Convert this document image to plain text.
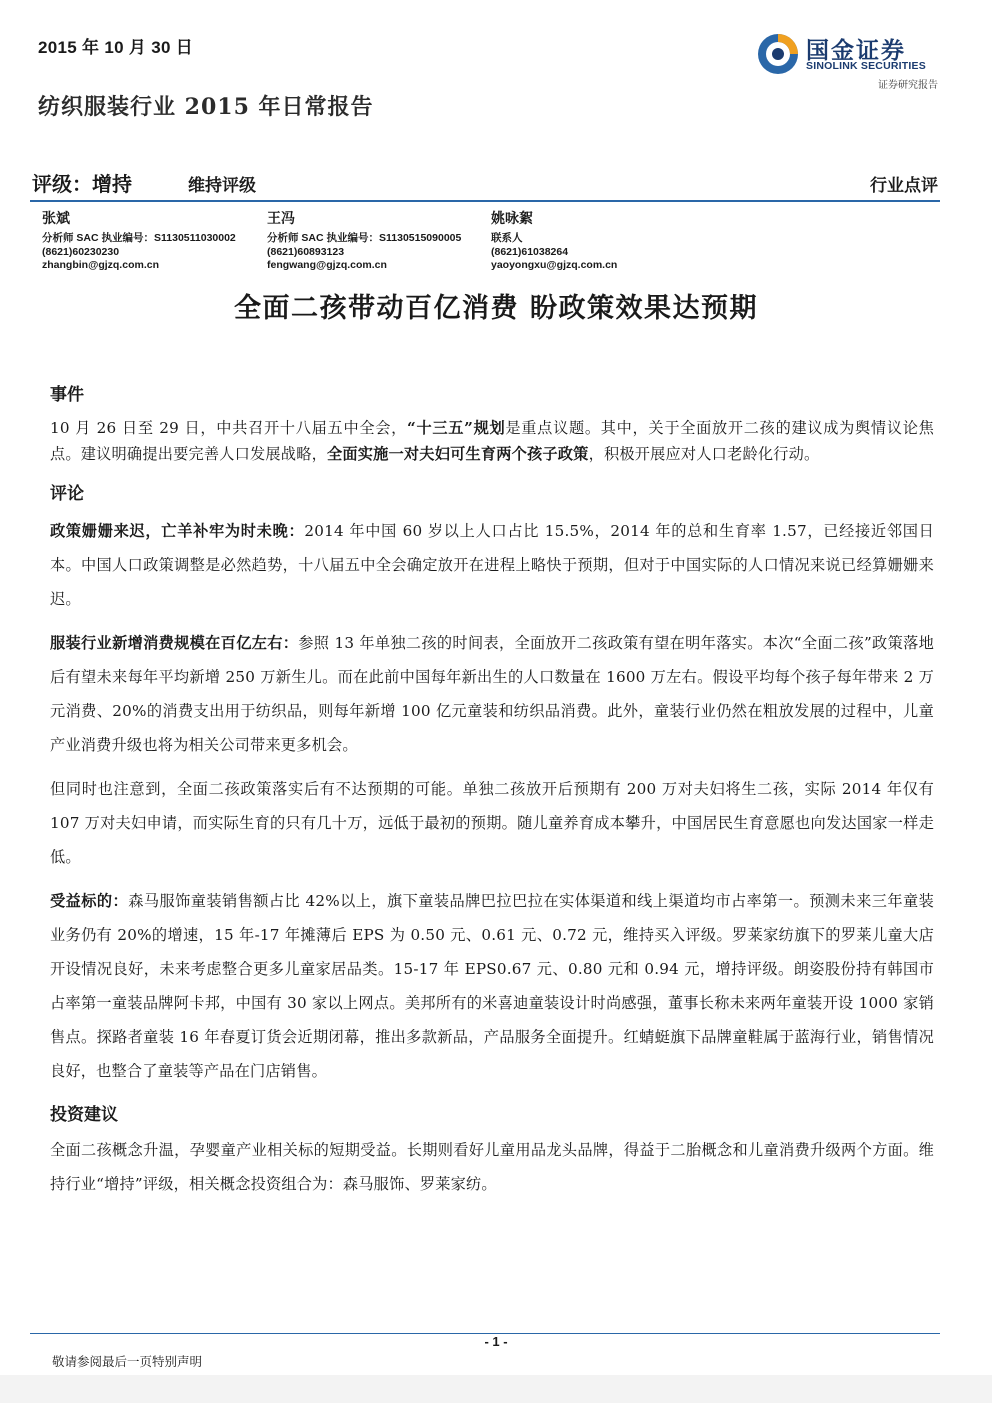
2015 年 10 月 30 日
纺织服装行业 2015 年日常报告
国金证券
SINOLINK SECURITIES
证券研究报告
评级：增持	维持评级	行业点评
张斌
分析师 SAC 执业编号：S1130511030002
(8621)60230230
zhangbin@gjzq.com.cn
王冯
分析师 SAC 执业编号：S1130515090005
(8621)60893123
fengwang@gjzq.com.cn
姚咏絮
联系人
(8621)61038264
yaoyongxu@gjzq.com.cn
全面二孩带动百亿消费 盼政策效果达预期
事件

10 月 26 日至 29 日，中共召开十八届五中全会，“十三五”规划是重点议题。其中，关于全面放开二孩的建议成为舆情议论焦点。建议明确提出要完善人口发展战略，全面实施一对夫妇可生育两个孩子政策，积极开展应对人口老龄化行动。

评论

政策姗姗来迟，亡羊补牢为时未晚：2014 年中国 60 岁以上人口占比 15.5%，2014 年的总和生育率 1.57，已经接近邻国日本。中国人口政策调整是必然趋势，十八届五中全会确定放开在进程上略快于预期，但对于中国实际的人口情况来说已经算姗姗来迟。

服装行业新增消费规模在百亿左右：参照 13 年单独二孩的时间表，全面放开二孩政策有望在明年落实。本次“全面二孩”政策落地后有望未来每年平均新增 250 万新生儿。而在此前中国每年新出生的人口数量在 1600 万左右。假设平均每个孩子每年带来 2 万元消费、20%的消费支出用于纺织品，则每年新增 100 亿元童装和纺织品消费。此外，童装行业仍然在粗放发展的过程中，儿童产业消费升级也将为相关公司带来更多机会。

但同时也注意到，全面二孩政策落实后有不达预期的可能。单独二孩放开后预期有 200 万对夫妇将生二孩，实际 2014 年仅有 107 万对夫妇申请，而实际生育的只有几十万，远低于最初的预期。随儿童养育成本攀升，中国居民生育意愿也向发达国家一样走低。

受益标的：森马服饰童装销售额占比 42%以上，旗下童装品牌巴拉巴拉在实体渠道和线上渠道均市占率第一。预测未来三年童装业务仍有 20%的增速，15 年-17 年摊薄后 EPS 为 0.50 元、0.61 元、0.72 元，维持买入评级。罗莱家纺旗下的罗莱儿童大店开设情况良好，未来考虑整合更多儿童家居品类。15-17 年 EPS0.67 元、0.80 元和 0.94 元，增持评级。朗姿股份持有韩国市占率第一童装品牌阿卡邦，中国有 30 家以上网点。美邦所有的米喜迪童装设计时尚感强，董事长称未来两年童装开设 1000 家销售点。探路者童装 16 年春夏订货会近期闭幕，推出多款新品，产品服务全面提升。红蜻蜓旗下品牌童鞋属于蓝海行业，销售情况良好，也整合了童装等产品在门店销售。

投资建议

全面二孩概念升温，孕婴童产业相关标的短期受益。长期则看好儿童用品龙头品牌，得益于二胎概念和儿童消费升级两个方面。维持行业“增持”评级，相关概念投资组合为：森马服饰、罗莱家纺。

- 1 -
敬请参阅最后一页特别声明
